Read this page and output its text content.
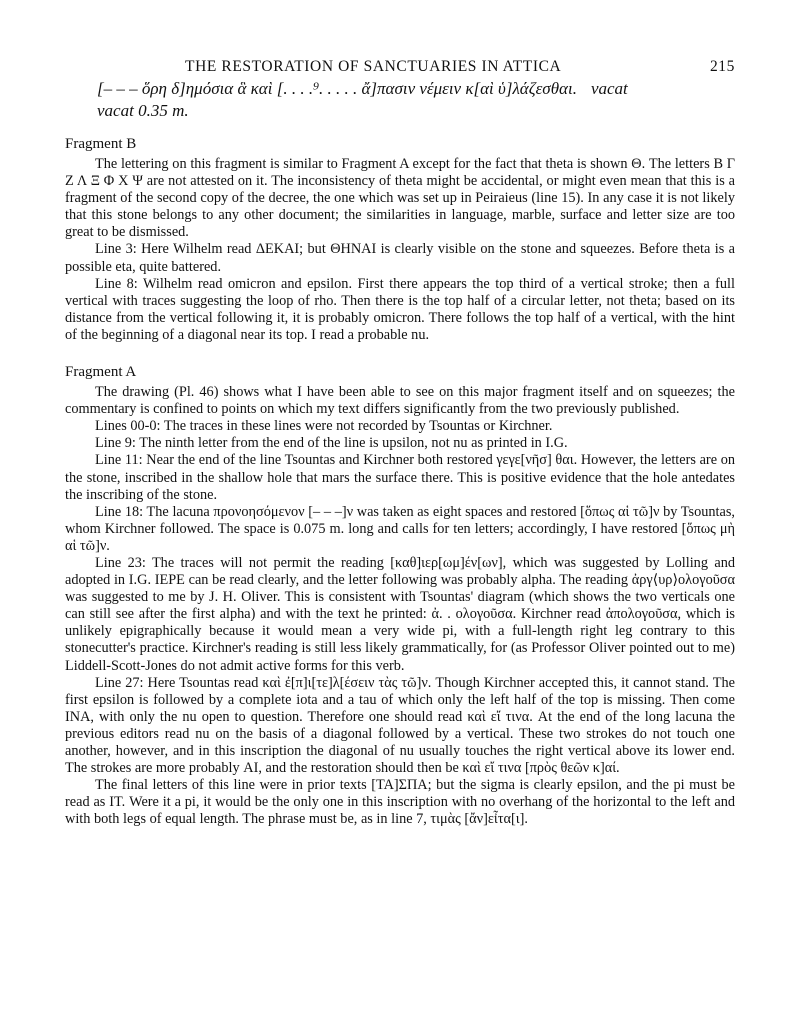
THE RESTORATION OF SANCTUARIES IN ATTICA	215
[– – – ὅρη δ]ημόσια ἃ καὶ [. . . .⁹. . . . . ἄ]πασιν νέμειν κ[αὶ ὑ]λάζεσθαι. vacat
vacat 0.35 m.
Fragment B

The lettering on this fragment is similar to Fragment A except for the fact that theta is shown Θ. The letters Β Γ Ζ Λ Ξ Φ Χ Ψ are not attested on it. The inconsistency of theta might be accidental, or might even mean that this is a fragment of the second copy of the decree, the one which was set up in Peiraieus (line 15). In any case it is not likely that this stone belongs to any other document; the similarities in language, marble, surface and letter size are too great to be dismissed.

Line 3: Here Wilhelm read ΔΕΚΑΙ; but ΘΗΝΑΙ is clearly visible on the stone and squeezes. Before theta is a possible eta, quite battered.

Line 8: Wilhelm read omicron and epsilon. First there appears the top third of a vertical stroke; then a full vertical with traces suggesting the loop of rho. Then there is the top half of a circular letter, not theta; based on its distance from the vertical following it, it is probably omicron. There follows the top half of a vertical, with the hint of the beginning of a diagonal near its top. I read a probable nu.

Fragment A

The drawing (Pl. 46) shows what I have been able to see on this major fragment itself and on squeezes; the commentary is confined to points on which my text differs significantly from the two previously published.

Lines 00-0: The traces in these lines were not recorded by Tsountas or Kirchner.

Line 9: The ninth letter from the end of the line is upsilon, not nu as printed in I.G.

Line 11: Near the end of the line Tsountas and Kirchner both restored γεγε[νῆσ] θαι. However, the letters are on the stone, inscribed in the shallow hole that mars the surface there. This is positive evidence that the hole antedates the inscribing of the stone.

Line 18: The lacuna προνοησόμενον [– – –]ν was taken as eight spaces and restored [ὅπως αἱ τῶ]ν by Tsountas, whom Kirchner followed. The space is 0.075 m. long and calls for ten letters; accordingly, I have restored [ὅπως μὴ αἱ τῶ]ν.

Line 23: The traces will not permit the reading [καθ]ιερ[ωμ]έν[ων], which was suggested by Lolling and adopted in I.G. ΙΕΡΕ can be read clearly, and the letter following was probably alpha. The reading ἀργ⟨υρ⟩ολογοῦσα was suggested to me by J. H. Oliver. This is consistent with Tsountas' diagram (which shows the two verticals one can still see after the first alpha) and with the text he printed: ἀ. . ολογοῦσα. Kirchner read ἀπολογοῦσα, which is unlikely epigraphically because it would mean a very wide pi, with a full-length right leg contrary to this stonecutter's practice. Kirchner's reading is still less likely grammatically, for (as Professor Oliver pointed out to me) Liddell-Scott-Jones do not admit active forms for this verb.

Line 27: Here Tsountas read καὶ ἐ[π]ι[τε]λ[έσειν τὰς τῶ]ν. Though Kirchner accepted this, it cannot stand. The first epsilon is followed by a complete iota and a tau of which only the left half of the top is missing. Then come ΙΝΑ, with only the nu open to question. Therefore one should read καὶ εἴ τινα. At the end of the long lacuna the previous editors read nu on the basis of a diagonal followed by a vertical. These two strokes do not touch one another, however, and in this inscription the diagonal of nu usually touches the right vertical above its lower end. The strokes are more probably ΑΙ, and the restoration should then be καὶ εἴ τινα [πρὸς θεῶν κ]αί.

The final letters of this line were in prior texts [ΤΑ]ΣΠΑ; but the sigma is clearly epsilon, and the pi must be read as ΙΤ. Were it a pi, it would be the only one in this inscription with no overhang of the horizontal to the left and with both legs of equal length. The phrase must be, as in line 7, τιμὰς [ἄν]εἶτα[ι].
